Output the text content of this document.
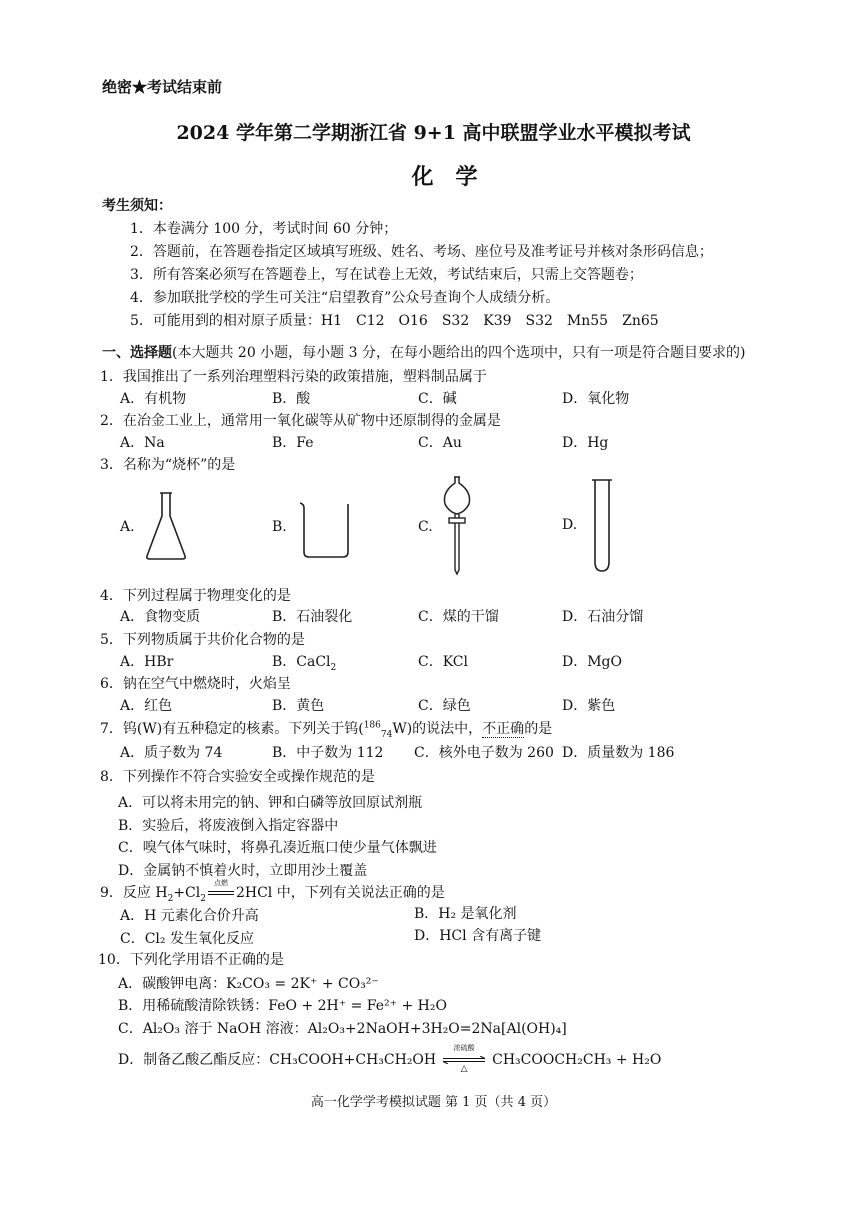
绝密★考试结束前
2024 学年第二学期浙江省 9+1 高中联盟学业水平模拟考试
化学
考生须知：
1．本卷满分 100 分，考试时间 60 分钟；
2．答题前，在答题卷指定区域填写班级、姓名、考场、座位号及准考证号并核对条形码信息；
3．所有答案必须写在答题卷上，写在试卷上无效，考试结束后，只需上交答题卷；
4．参加联批学校的学生可关注“启望教育”公众号查询个人成绩分析。
5．可能用到的相对原子质量：H1　C12　O16　S32　K39　S32　Mn55　Zn65
一、选择题(本大题共 20 小题，每小题 3 分，在每小题给出的四个选项中，只有一项是符合题目要求的)
1．我国推出了一系列治理塑料污染的政策措施，塑料制品属于
A．有机物	B．酸	C．碱	D．氧化物
2．在冶金工业上，通常用一氧化碳等从矿物中还原制得的金属是
A．Na	B．Fe	C．Au	D．Hg
3．名称为“烧杯”的是
A.	B.	C.	D.
4．下列过程属于物理变化的是
A．食物变质	B．石油裂化	C．煤的干馏	D．石油分馏
5．下列物质属于共价化合物的是
A．HBr	B．CaCl$_2$	C．KCl	D．MgO
6．钠在空气中燃烧时，火焰呈
A．红色	B．黄色	C．绿色	D．紫色
7．钨(W)有五种稳定的核素。下列关于钨($^{186}_{74}$W)的说法中，不正确的是
A．质子数为 74	B．中子数为 112 C．核外电子数为 260 D．质量数为 186
8．下列操作不符合实验安全或操作规范的是
A．可以将未用完的钠、钾和白磷等放回原试剂瓶
B．实验后，将废液倒入指定容器中
C．嗅气体气味时，将鼻孔凑近瓶口使少量气体飘进
D．金属钠不慎着火时，立即用沙土覆盖
9．反应 $H_2+Cl_2$
点燃
2HCl 中，下列有关说法正确的是
A．H 元素化合价升高	B．H₂ 是氧化剂
C．Cl₂ 发生氧化反应	D．HCl 含有离子键
10．下列化学用语不正确的是
A．碳酸钾电离：K₂CO₃ = 2K⁺ + CO₃²⁻
B．用稀硫酸清除铁锈：FeO + 2H⁺ = Fe²⁺ + H₂O
C．Al₂O₃ 溶于 NaOH 溶液：Al₂O₃+2NaOH+3H₂O=2Na[Al(OH)₄]
D．制备乙酸乙酯反应：CH₃COOH+CH₃CH₂OH
浓硫酸
△
CH₃COOCH₂CH₃ + H₂O
高一化学学考模拟试题 第 1 页（共 4 页）
